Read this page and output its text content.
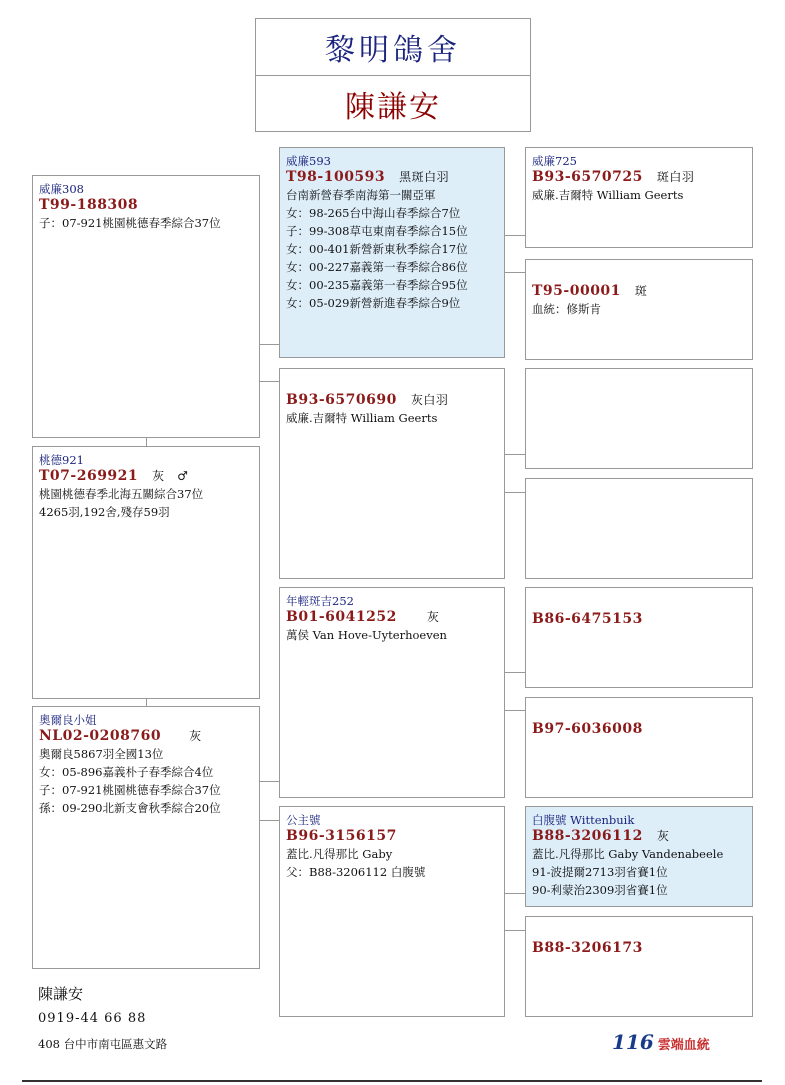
黎明鴿舍
陳謙安
威廉308
T99-188308
子：07-921桃園桃德春季綜合37位
桃德921
T07-269921 灰　♂
桃園桃德春季北海五關綜合37位
4265羽,192舍,殘存59羽
奧爾良小姐
NL02-0208760 灰
奧爾良5867羽全國13位
女：05-896嘉義朴子春季綜合4位
子：07-921桃園桃德春季綜合37位
孫：09-290北新支會秋季綜合20位
威廉593
T98-100593 黑斑白羽
台南新營春季南海第一關亞軍
女：98-265台中海山春季綜合7位
子：99-308草屯東南春季綜合15位
女：00-401新營新東秋季綜合17位
女：00-227嘉義第一春季綜合86位
女：00-235嘉義第一春季綜合95位
女：05-029新營新進春季綜合9位
B93-6570690 灰白羽
威廉.吉爾特 William Geerts
年輕斑吉252
B01-6041252	灰
萬侯 Van Hove-Uyterhoeven
公主號
B96-3156157
蓋比.凡得那比 Gaby
父：B88-3206112 白腹號
威廉725
B93-6570725 斑白羽
威廉.吉爾特 William Geerts
T95-00001 斑
血統：修斯肯
B86-6475153
B97-6036008
白腹號 Wittenbuik
B88-3206112 灰
蓋比.凡得那比 Gaby Vandenabeele
91-波提爾2713羽省賽1位
90-利蒙治2309羽省賽1位
B88-3206173
陳謙安
0919-44 66 88
408 台中市南屯區惠文路	116 雲端血統
